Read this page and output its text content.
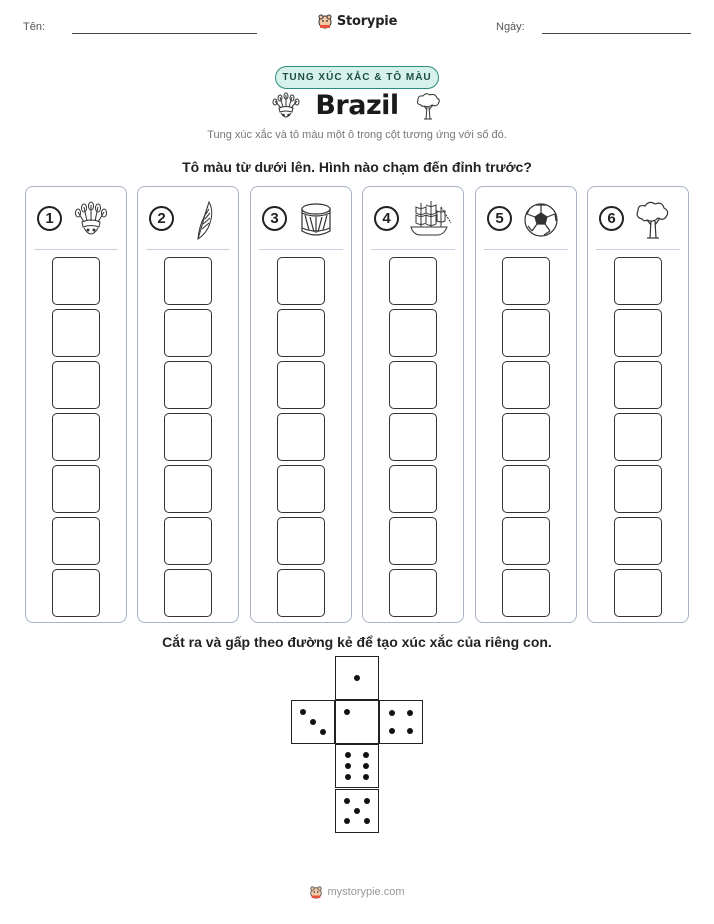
Tên:	Storypie	Ngày:
TUNG XÚC XẮC & TÔ MÀU
Brazil
Tung xúc xắc và tô màu một ô trong cột tương ứng với số đó.
Tô màu từ dưới lên. Hình nào chạm đến đỉnh trước?
1	2	3	4	5	6
Cắt ra và gấp theo đường kẻ để tạo xúc xắc của riêng con.
mystorypie.com
